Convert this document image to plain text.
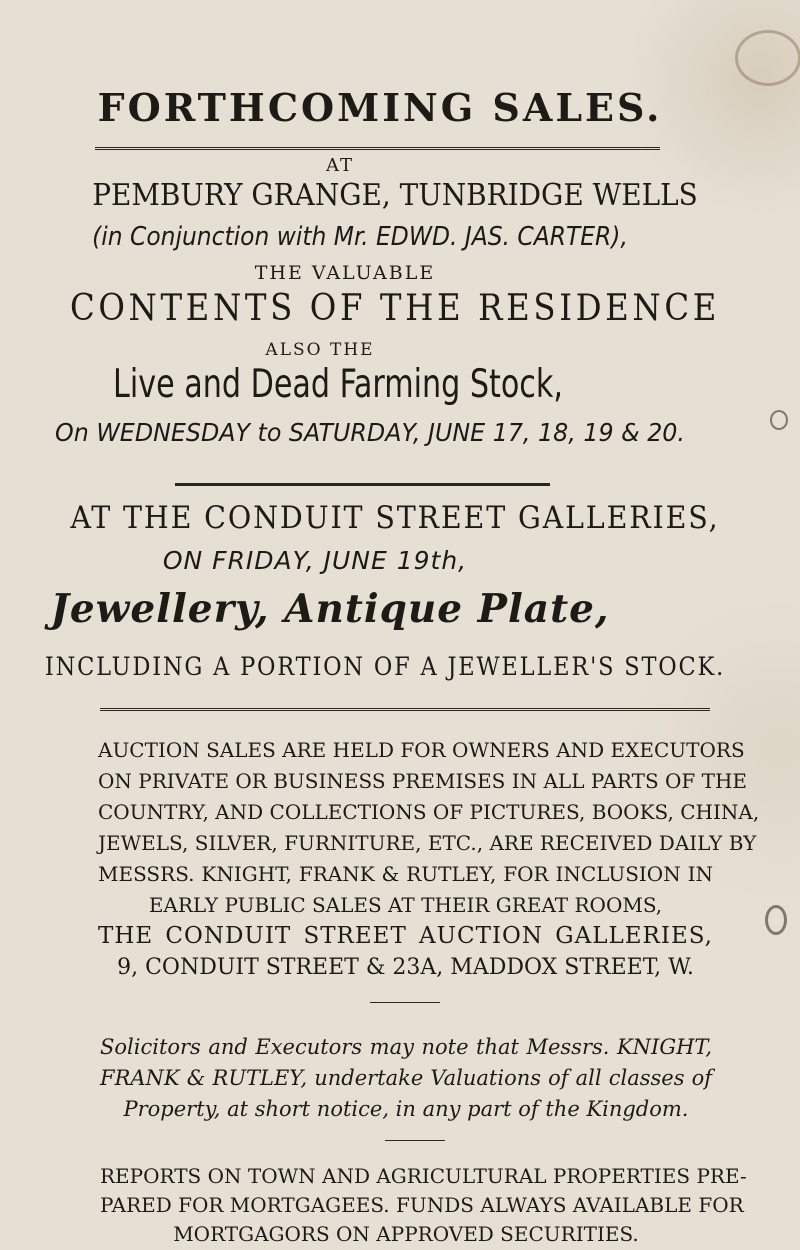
FORTHCOMING SALES.

AT

PEMBURY GRANGE, TUNBRIDGE WELLS

(in Conjunction with Mr. EDWD. JAS. CARTER),

THE VALUABLE

CONTENTS OF THE RESIDENCE

ALSO THE

Live and Dead Farming Stock,

On WEDNESDAY to SATURDAY, JUNE 17, 18, 19 & 20.

AT THE CONDUIT STREET GALLERIES,

ON FRIDAY, JUNE 19th,

Jewellery, Antique Plate,

INCLUDING A PORTION OF A JEWELLER'S STOCK.

AUCTION SALES ARE HELD FOR OWNERS AND EXECUTORS

ON PRIVATE OR BUSINESS PREMISES IN ALL PARTS OF THE

COUNTRY, AND COLLECTIONS OF PICTURES, BOOKS, CHINA,

JEWELS, SILVER, FURNITURE, ETC., ARE RECEIVED DAILY BY

MESSRS. KNIGHT, FRANK & RUTLEY, FOR INCLUSION IN

EARLY PUBLIC SALES AT THEIR GREAT ROOMS,

THE CONDUIT STREET AUCTION GALLERIES,

9, CONDUIT STREET & 23A, MADDOX STREET, W.

Solicitors and Executors may note that Messrs. KNIGHT,

FRANK & RUTLEY, undertake Valuations of all classes of

Property, at short notice, in any part of the Kingdom.

REPORTS ON TOWN AND AGRICULTURAL PROPERTIES PRE-

PARED FOR MORTGAGEES. FUNDS ALWAYS AVAILABLE FOR

MORTGAGORS ON APPROVED SECURITIES.
